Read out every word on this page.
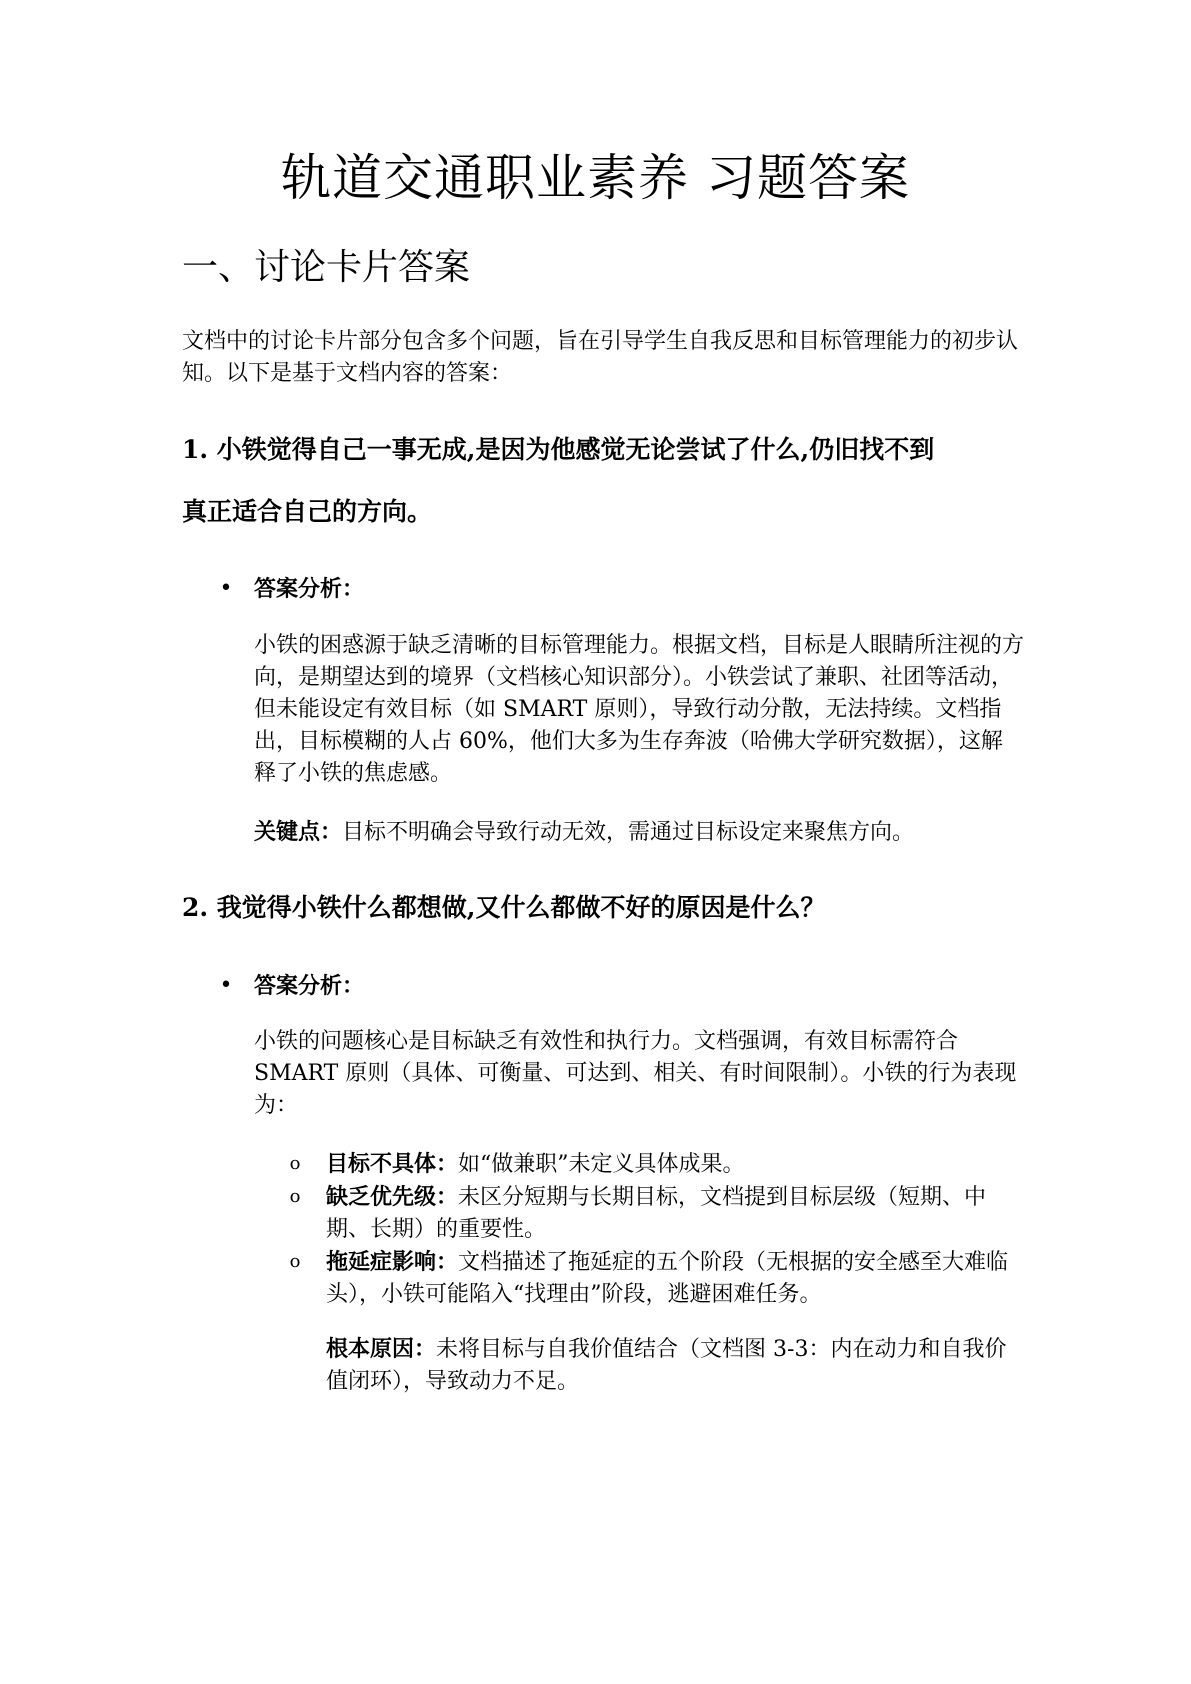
轨道交通职业素养 习题答案
一、讨论卡片答案

文档中的讨论卡片部分包含多个问题，旨在引导学生自我反思和目标管理能力的初步认知。以下是基于文档内容的答案：

1. 小铁觉得自己一事无成,是因为他感觉无论尝试了什么,仍旧找不到

真正适合自己的方向。

• 答案分析：

小铁的困惑源于缺乏清晰的目标管理能力。根据文档，目标是人眼睛所注视的方向，是期望达到的境界（文档核心知识部分）。小铁尝试了兼职、社团等活动，但未能设定有效目标（如 SMART 原则），导致行动分散，无法持续。文档指出，目标模糊的人占 60%，他们大多为生存奔波（哈佛大学研究数据），这解释了小铁的焦虑感。

关键点：目标不明确会导致行动无效，需通过目标设定来聚焦方向。

2. 我觉得小铁什么都想做,又什么都做不好的原因是什么？

• 答案分析：

小铁的问题核心是目标缺乏有效性和执行力。文档强调，有效目标需符合 SMART 原则（具体、可衡量、可达到、相关、有时间限制）。小铁的行为表现为：

o 目标不具体：如“做兼职”未定义具体成果。

o 缺乏优先级：未区分短期与长期目标，文档提到目标层级（短期、中期、长期）的重要性。

o 拖延症影响：文档描述了拖延症的五个阶段（无根据的安全感至大难临头），小铁可能陷入“找理由”阶段，逃避困难任务。

根本原因：未将目标与自我价值结合（文档图 3-3：内在动力和自我价值闭环），导致动力不足。
